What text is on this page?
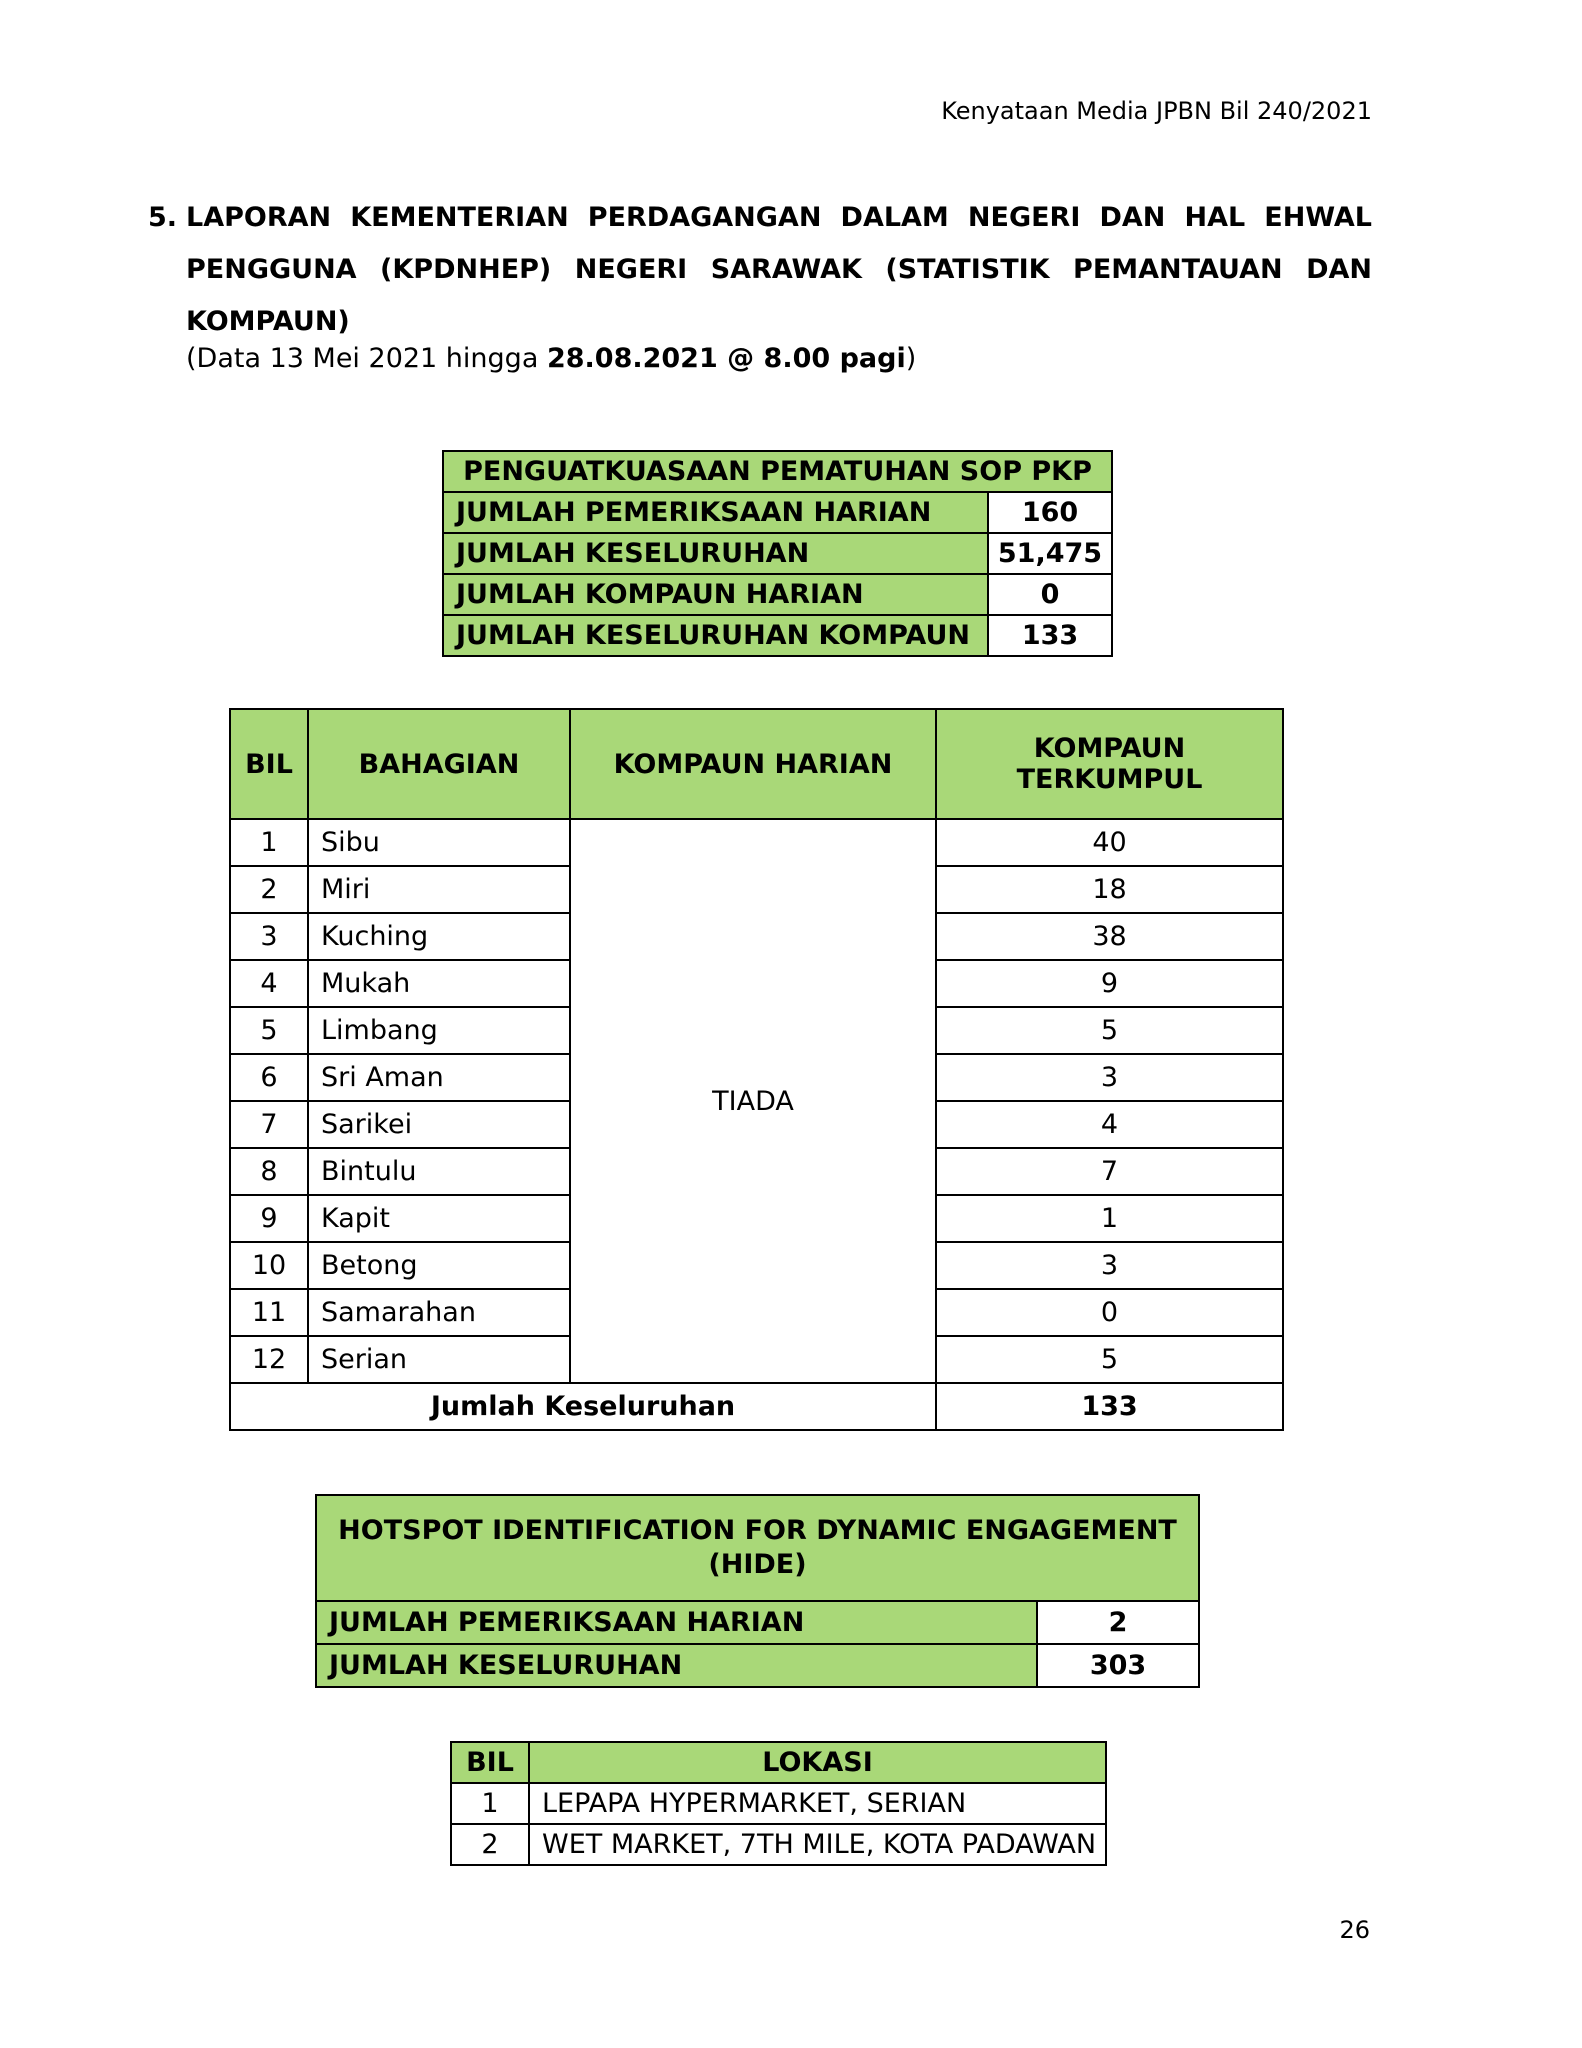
Kenyataan Media JPBN Bil 240/2021
5. LAPORAN KEMENTERIAN PERDAGANGAN DALAM NEGERI DAN HAL EHWAL PENGGUNA (KPDNHEP) NEGERI SARAWAK (STATISTIK PEMANTAUAN DAN KOMPAUN)
(Data 13 Mei 2021 hingga 28.08.2021 @ 8.00 pagi)
PENGUATKUASAAN PEMATUHAN SOP PKP	
JUMLAH PEMERIKSAAN HARIAN	160
JUMLAH KESELURUHAN	51,475
JUMLAH KOMPAUN HARIAN	0
JUMLAH KESELURUHAN KOMPAUN	133
BIL	BAHAGIAN	KOMPAUN HARIAN	KOMPAUN TERKUMPUL
1	Sibu	TIADA	40
2	Miri		18
3	Kuching		38
4	Mukah		9
5	Limbang		5
6	Sri Aman		3
7	Sarikei		4
8	Bintulu		7
9	Kapit		1
10	Betong		3
11	Samarahan		0
12	Serian		5
Jumlah Keseluruhan			133
HOTSPOT IDENTIFICATION FOR DYNAMIC ENGAGEMENT
(HIDE)	

JUMLAH PEMERIKSAAN HARIAN	2
JUMLAH KESELURUHAN	303
BIL	LOKASI
1	LEPAPA HYPERMARKET, SERIAN
2	WET MARKET, 7TH MILE, KOTA PADAWAN
26
